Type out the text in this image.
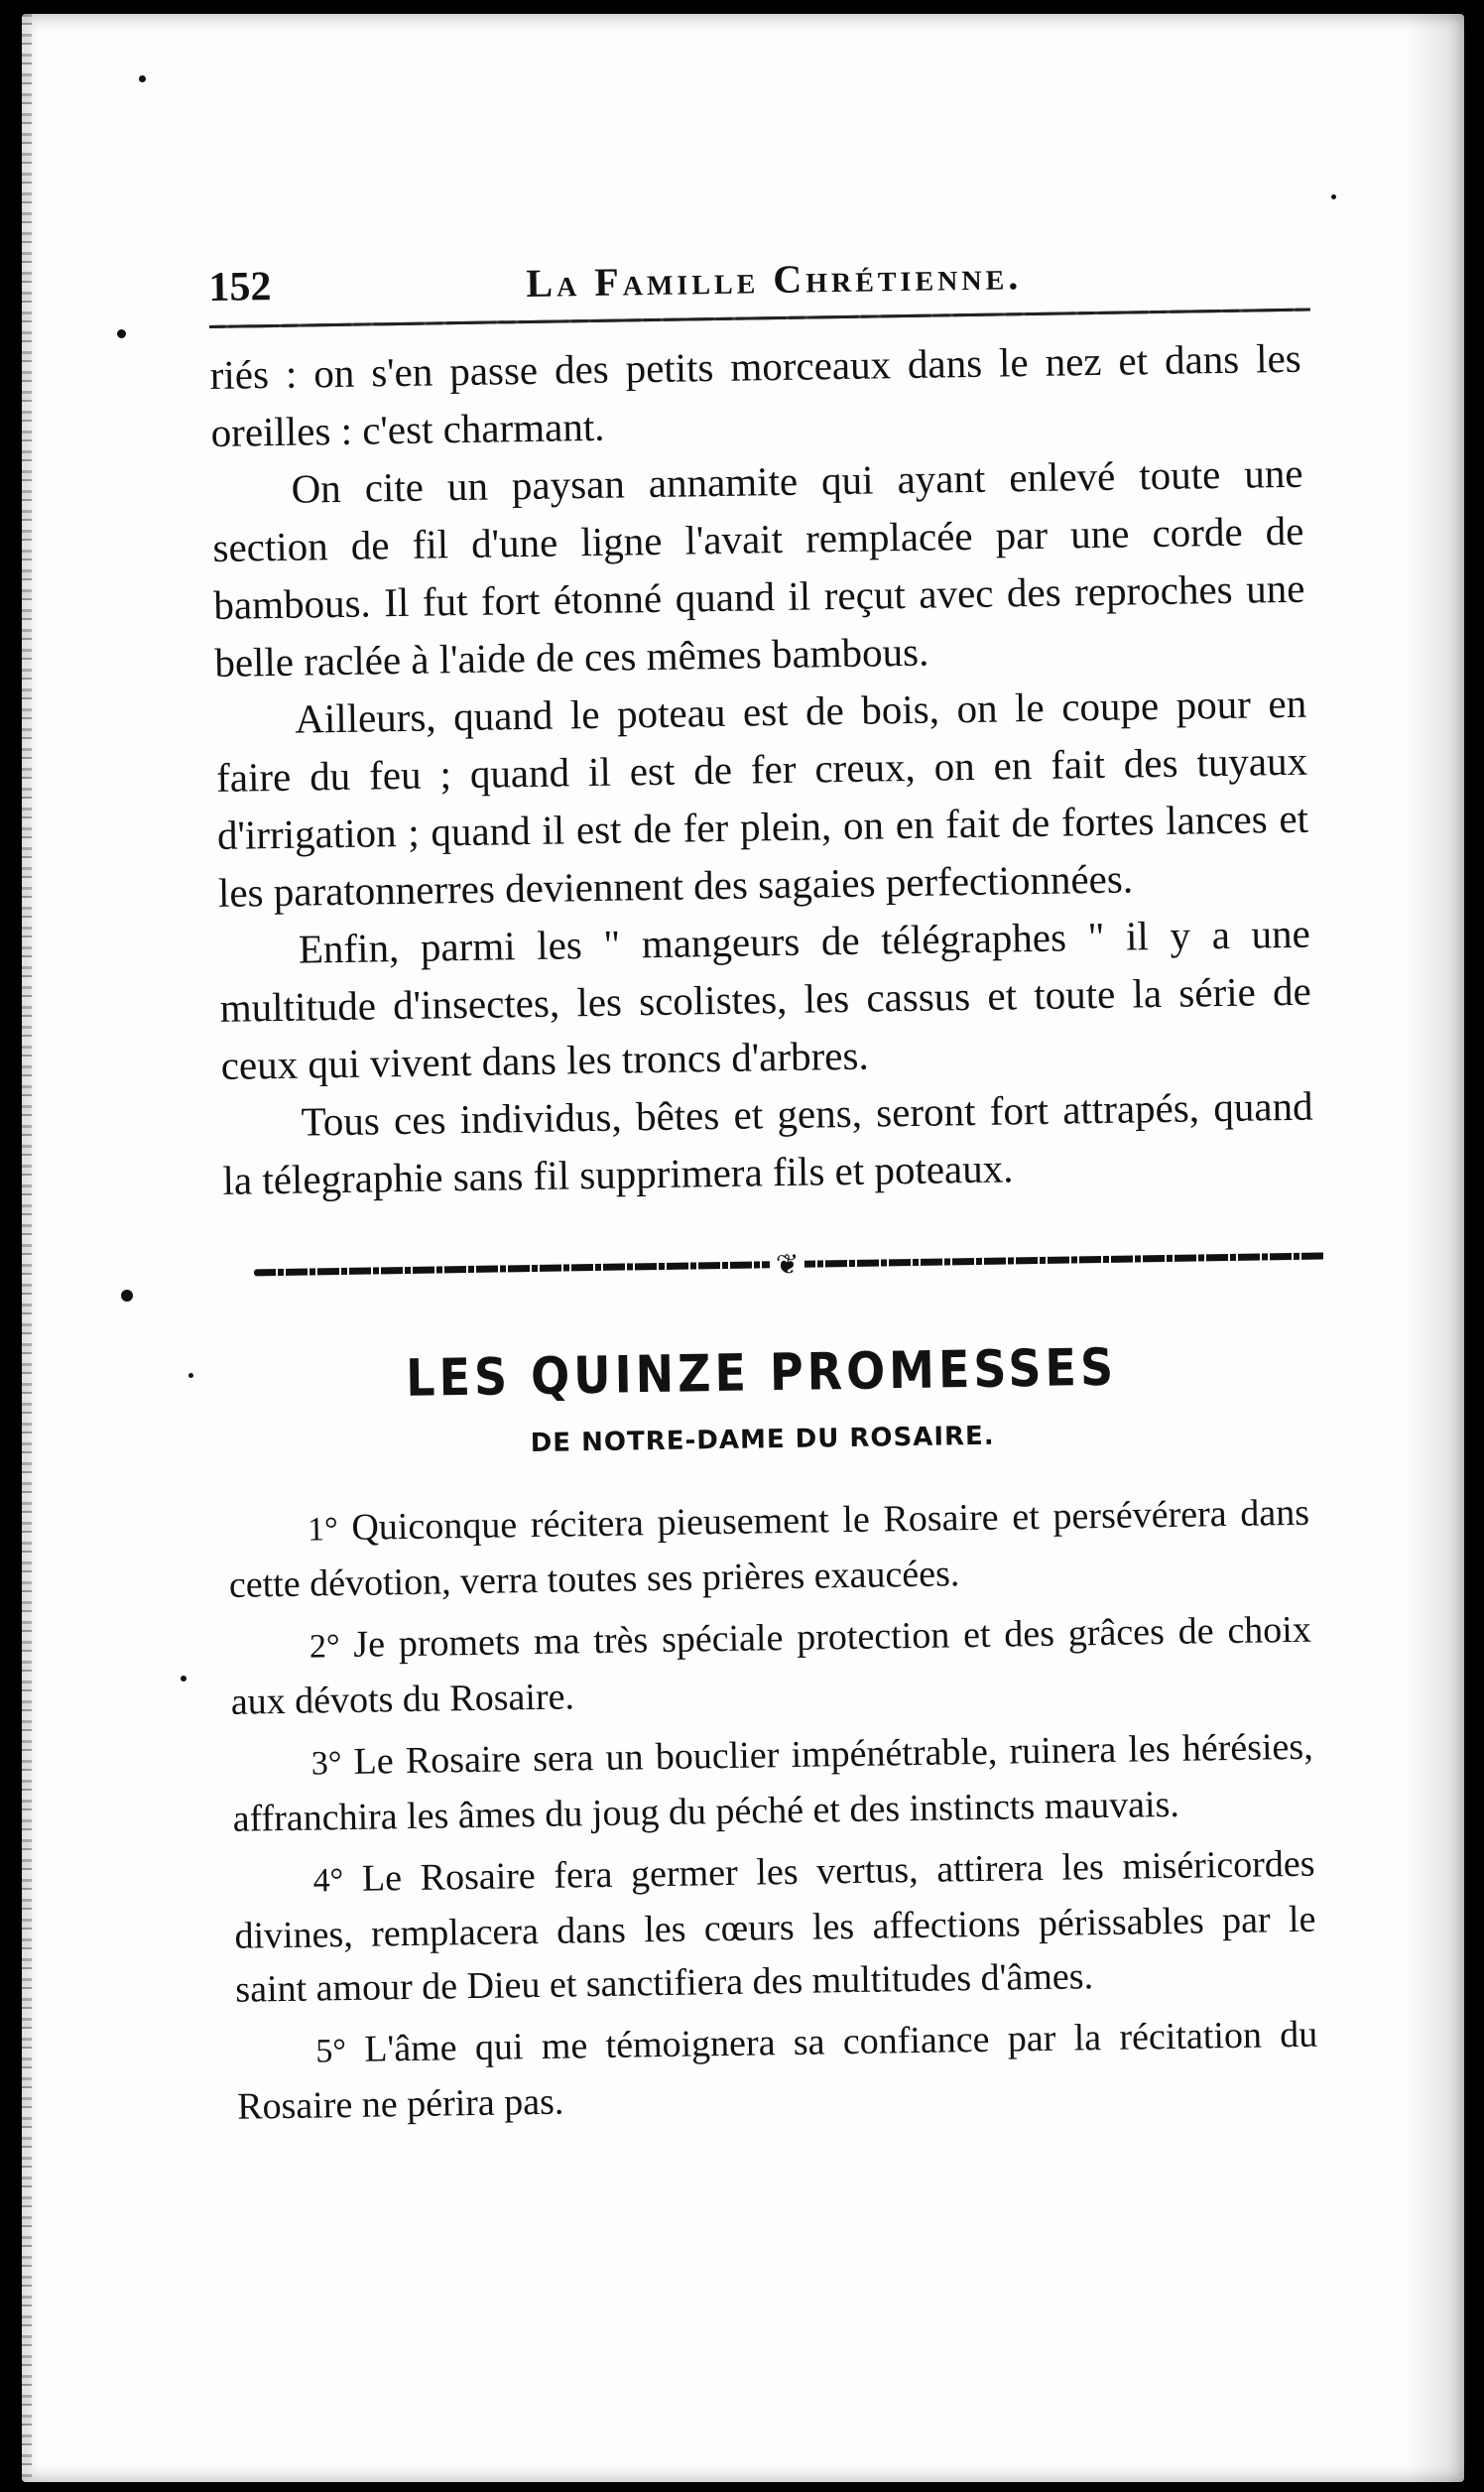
152	La Famille Chrétienne.

riés : on s'en passe des petits morceaux dans le nez et dans les oreilles : c'est charmant.

On cite un paysan annamite qui ayant enlevé toute une section de fil d'une ligne l'avait remplacée par une corde de bambous. Il fut fort étonné quand il reçut avec des reproches une belle raclée à l'aide de ces mêmes bambous.

Ailleurs, quand le poteau est de bois, on le coupe pour en faire du feu ; quand il est de fer creux, on en fait des tuyaux d'irrigation ; quand il est de fer plein, on en fait de fortes lances et les paratonnerres deviennent des sagaies perfectionnées.

Enfin, parmi les " mangeurs de télégraphes " il y a une multitude d'insectes, les scolistes, les cassus et toute la série de ceux qui vivent dans les troncs d'arbres.

Tous ces individus, bêtes et gens, seront fort attrapés, quand la télegraphie sans fil supprimera fils et poteaux.

❦
LES QUINZE PROMESSES
DE NOTRE-DAME DU ROSAIRE.

1° Quiconque récitera pieusement le Rosaire et persévérera dans cette dévotion, verra toutes ses prières exaucées.

2° Je promets ma très spéciale protection et des grâces de choix aux dévots du Rosaire.

3° Le Rosaire sera un bouclier impénétrable, ruinera les hérésies, affranchira les âmes du joug du péché et des instincts mauvais.

4° Le Rosaire fera germer les vertus, attirera les miséricordes divines, remplacera dans les cœurs les affections périssables par le saint amour de Dieu et sanctifiera des multitudes d'âmes.

5° L'âme qui me témoignera sa confiance par la récitation du Rosaire ne périra pas.
